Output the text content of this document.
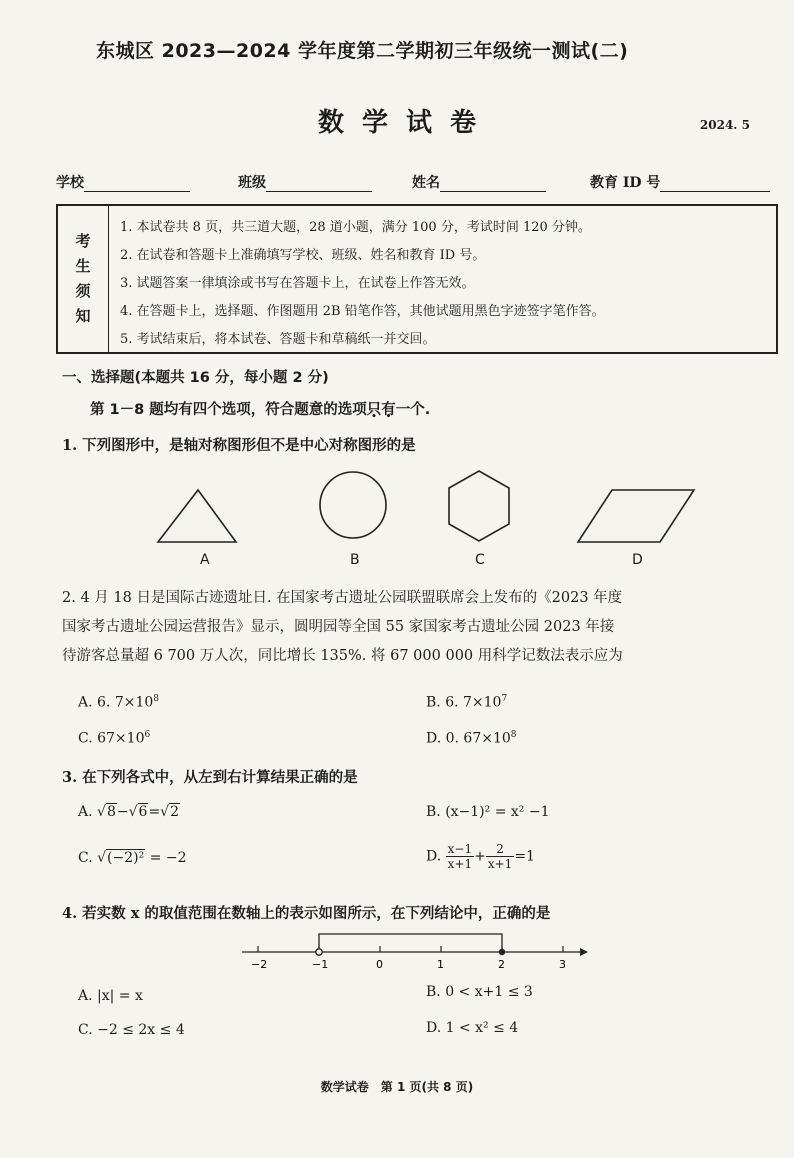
东城区 2023—2024 学年度第二学期初三年级统一测试(二)
数学试卷	2024. 5
学校	班级	姓名	教育 ID 号
考
生
须
知
1. 本试卷共 8 页，共三道大题，28 道小题，满分 100 分，考试时间 120 分钟。
2. 在试卷和答题卡上准确填写学校、班级、姓名和教育 ID 号。
3. 试题答案一律填涂或书写在答题卡上，在试卷上作答无效。
4. 在答题卡上，选择题、作图题用 2B 铅笔作答，其他试题用黑色字迹签字笔作答。
5. 考试结束后，将本试卷、答题卡和草稿纸一并交回。
一、选择题(本题共 16 分，每小题 2 分)
第 1－8 题均有四个选项，符合题意的选项只有一个.
1. 下列图形中，是轴对称图形但不是中心对称图形的是
A	B	C	D
2. 4 月 18 日是国际古迹遗址日. 在国家考古遗址公园联盟联席会上发布的《2023 年度
国家考古遗址公园运营报告》显示，圆明园等全国 55 家国家考古遗址公园 2023 年接
待游客总量超 6 700 万人次，同比增长 135%. 将 67 000 000 用科学记数法表示应为
A. 6. $7\times 10^8$	B. 6. $7\times 10^7$
C. $67\times 10^6$	D. 0. $67\times 10^8$
3. 在下列各式中，从左到右计算结果正确的是
A. √8−√6=√2	B. (x−1)² = x² −1
C. √(−2)² = −2	D. $\frac{x-1}{x+1} + \frac{2}{x+1} =1$
4. 若实数 x 的取值范围在数轴上的表示如图所示，在下列结论中，正确的是
−2	−1	0	1	2	3
A. |x| = x	B. 0 < x+1 ≤ 3
C. −2 ≤ 2x ≤ 4	D. 1 < x² ≤ 4
数学试卷　第 1 页(共 8 页)
